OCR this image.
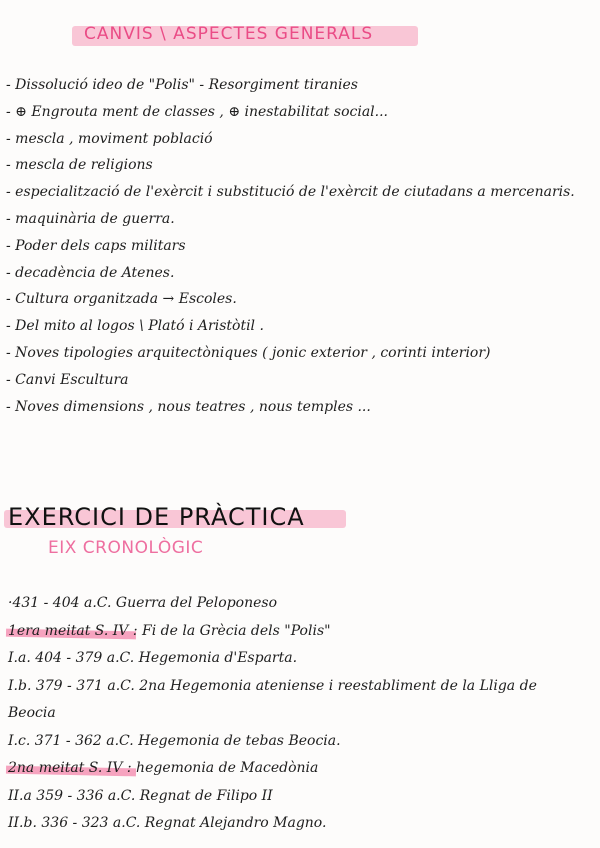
CANVIS \ ASPECTES GENERALS
- Dissolució ideo de "Polis" - Resorgiment tiranies
- ⊕ Engrouta ment de classes , ⊕ inestabilitat social...
- mescla , moviment població
- mescla de religions
- especialització de l'exèrcit i substitució de l'exèrcit de ciutadans a mercenaris.
- maquinària de guerra.
- Poder dels caps militars
- decadència de Atenes.
- Cultura organitzada → Escoles.
- Del mito al logos \ Plató i Aristòtil .
- Noves tipologies arquitectòniques ( jonic exterior , corinti interior)
- Canvi Escultura
- Noves dimensions , nous teatres , nous temples ...
EXERCICI DE PRÀCTICA
EIX CRONOLÒGIC
·431 - 404 a.C. Guerra del Peloponeso
1era meitat S. IV : Fi de la Grècia dels "Polis"
I.a. 404 - 379 a.C. Hegemonia d'Esparta.
I.b. 379 - 371 a.C. 2na Hegemonia ateniense i reestabliment de la Lliga de Beocia
I.c. 371 - 362 a.C. Hegemonia de tebas Beocia.
2na meitat S. IV : hegemonia de Macedònia
II.a 359 - 336 a.C. Regnat de Filipo II
II.b. 336 - 323 a.C. Regnat Alejandro Magno.
